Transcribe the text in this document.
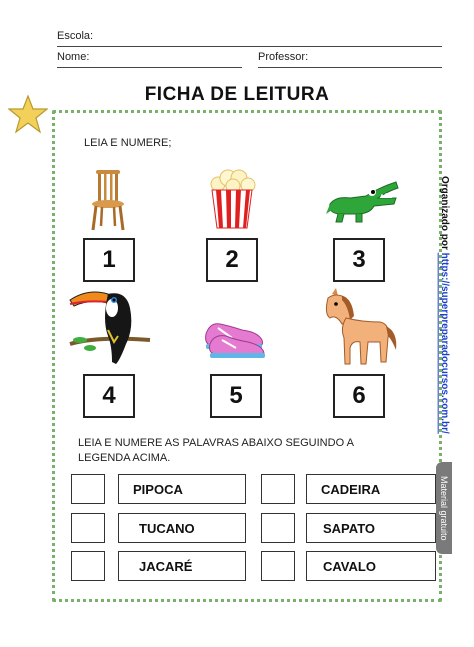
Escola:
Nome:	Professor:
FICHA DE LEITURA
LEIA E NUMERE;
1	2	3
4	5	6
LEIA E NUMERE AS PALAVRAS ABAIXO SEGUINDO A
LEGENDA ACIMA.
PIPOCA	CADEIRA
TUCANO	SAPATO
JACARÉ	CAVALO
Organizado por https://superpreparadocursos.com.br/
Material gratuito
